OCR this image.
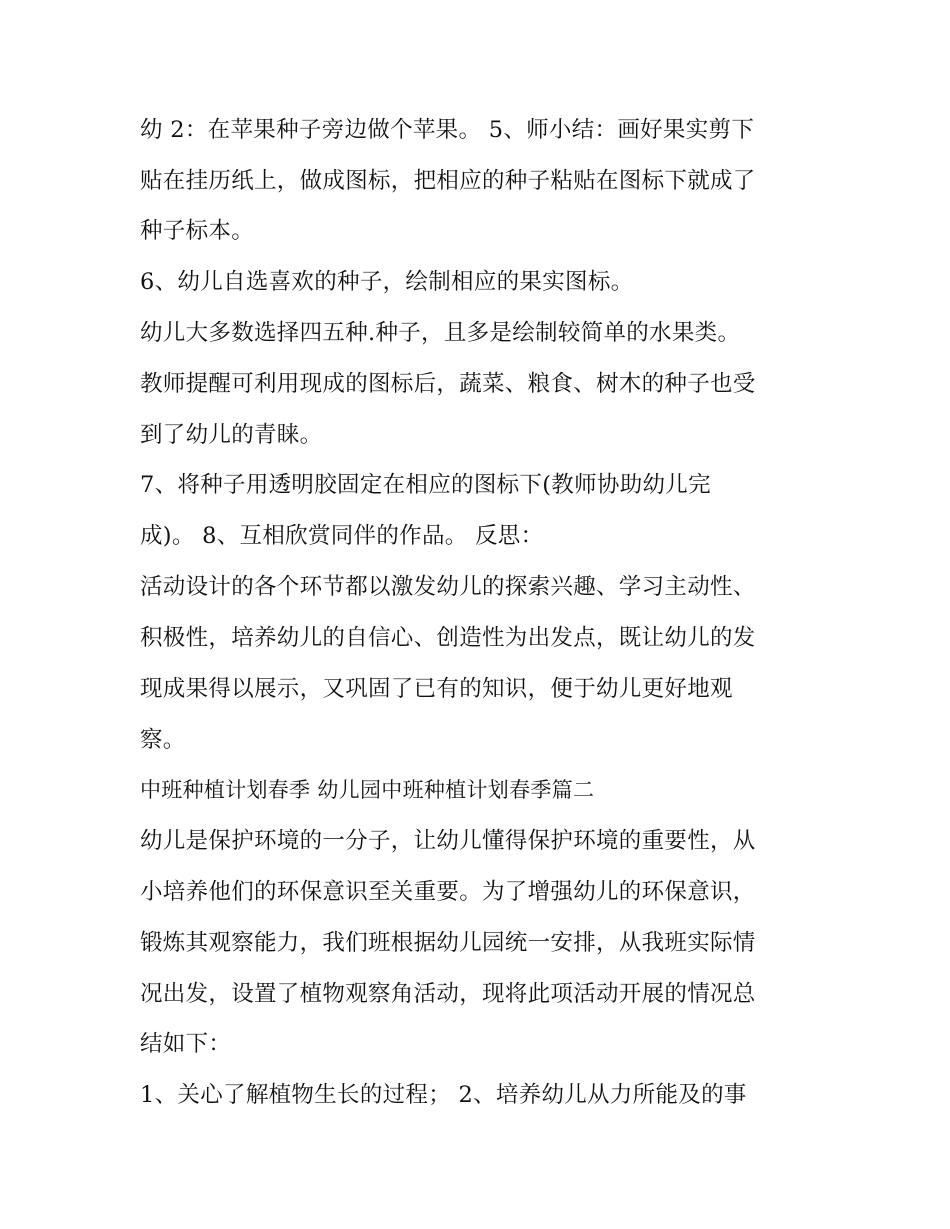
幼 2：在苹果种子旁边做个苹果。 5、师小结：画好果实剪下
贴在挂历纸上，做成图标，把相应的种子粘贴在图标下就成了
种子标本。
6、幼儿自选喜欢的种子，绘制相应的果实图标。
幼儿大多数选择四五种.种子，且多是绘制较简单的水果类。
教师提醒可利用现成的图标后，蔬菜、粮食、树木的种子也受
到了幼儿的青睐。
7、将种子用透明胶固定在相应的图标下(教师协助幼儿完
成)。 8、互相欣赏同伴的作品。 反思：
活动设计的各个环节都以激发幼儿的探索兴趣、学习主动性、
积极性，培养幼儿的自信心、创造性为出发点，既让幼儿的发
现成果得以展示，又巩固了已有的知识，便于幼儿更好地观
察。
中班种植计划春季 幼儿园中班种植计划春季篇二
幼儿是保护环境的一分子，让幼儿懂得保护环境的重要性，从
小培养他们的环保意识至关重要。为了增强幼儿的环保意识，
锻炼其观察能力，我们班根据幼儿园统一安排，从我班实际情
况出发，设置了植物观察角活动，现将此项活动开展的情况总
结如下：
1、关心了解植物生长的过程； 2、培养幼儿从力所能及的事
